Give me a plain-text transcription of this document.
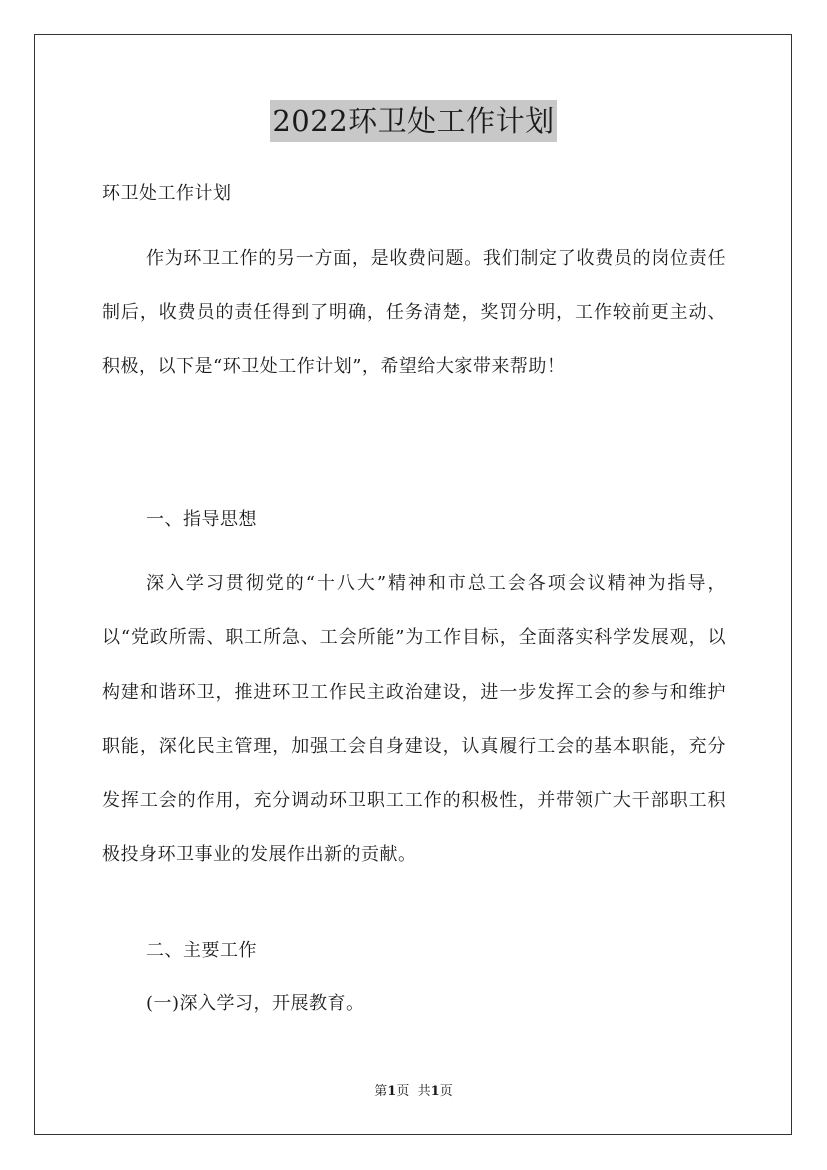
2022环卫处工作计划
环卫处工作计划
作为环卫工作的另一方面，是收费问题。我们制定了收费员的岗位责任制后，收费员的责任得到了明确，任务清楚，奖罚分明，工作较前更主动、积极，以下是“环卫处工作计划”，希望给大家带来帮助！
一、指导思想
深入学习贯彻党的“十八大”精神和市总工会各项会议精神为指导，以“党政所需、职工所急、工会所能”为工作目标，全面落实科学发展观，以构建和谐环卫，推进环卫工作民主政治建设，进一步发挥工会的参与和维护职能，深化民主管理，加强工会自身建设，认真履行工会的基本职能，充分发挥工会的作用，充分调动环卫职工工作的积极性，并带领广大干部职工积极投身环卫事业的发展作出新的贡献。
二、主要工作
(一)深入学习，开展教育。
第1页 共1页
